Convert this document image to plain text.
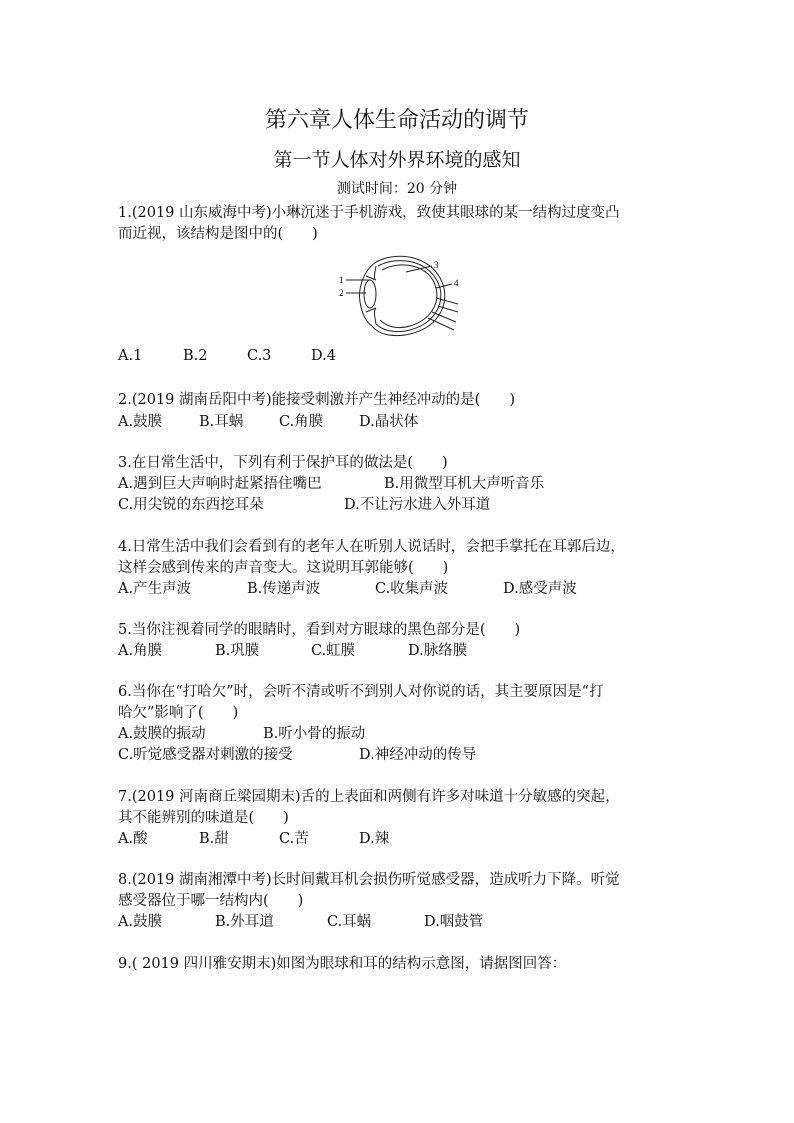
第六章人体生命活动的调节
第一节人体对外界环境的感知
测试时间：20 分钟
1.(2019 山东威海中考)小琳沉迷于手机游戏，致使其眼球的某一结构过度变凸
而近视，该结构是图中的(　　)
1
2
3
4
A.1	B.2	C.3	D.4
2.(2019 湖南岳阳中考)能接受刺激并产生神经冲动的是(　　)
A.鼓膜	B.耳蜗 C.角膜 D.晶状体
3.在日常生活中，下列有利于保护耳的做法是(　　)
A.遇到巨大声响时赶紧捂住嘴巴	B.用微型耳机大声听音乐
C.用尖锐的东西挖耳朵	D.不让污水进入外耳道
4.日常生活中我们会看到有的老年人在听别人说话时，会把手掌托在耳郭后边，
这样会感到传来的声音变大。这说明耳郭能够(　　)
A.产生声波	B.传递声波	C.收集声波	D.感受声波
5.当你注视着同学的眼睛时，看到对方眼球的黑色部分是(　　)
A.角膜	B.巩膜	C.虹膜	D.脉络膜
6.当你在“打哈欠”时，会听不清或听不到别人对你说的话，其主要原因是“打
哈欠”影响了(　　)
A.鼓膜的振动	B.听小骨的振动
C.听觉感受器对刺激的接受	D.神经冲动的传导
7.(2019 河南商丘梁园期末)舌的上表面和两侧有许多对味道十分敏感的突起，
其不能辨别的味道是(　　)
A.酸	B.甜	C.苦	D.辣
8.(2019 湖南湘潭中考)长时间戴耳机会损伤听觉感受器，造成听力下降。听觉
感受器位于哪一结构内(　　)
A.鼓膜	B.外耳道	C.耳蜗	D.咽鼓管
9.( 2019 四川雅安期末)如图为眼球和耳的结构示意图，请据图回答：
